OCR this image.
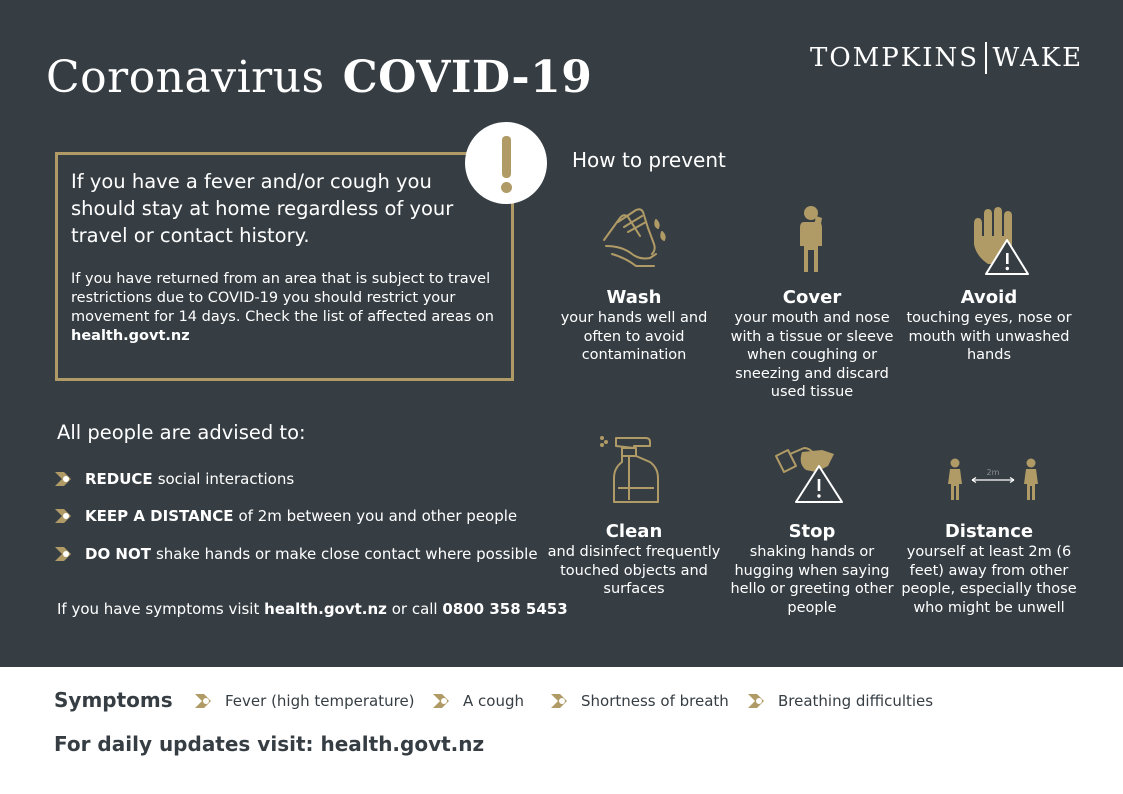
Coronavirus COVID-19	TOMPKINS WAKE
If you have a fever and/or cough you should stay at home regardless of your travel or contact history.
If you have returned from an area that is subject to travel restrictions due to COVID-19 you should restrict your movement for 14 days. Check the list of affected areas on health.govt.nz
How to prevent
Wash
your hands well and often to avoid contamination
Cover
your mouth and nose with a tissue or sleeve when coughing or sneezing and discard used tissue
Avoid
touching eyes, nose or mouth with unwashed hands
Clean
and disinfect frequently touched objects and surfaces
Stop
shaking hands or hugging when saying hello or greeting other people
2m
Distance
yourself at least 2m (6 feet) away from other people, especially those who might be unwell
All people are advised to:
REDUCE social interactions
KEEP A DISTANCE of 2m between you and other people
DO NOT shake hands or make close contact where possible
If you have symptoms visit health.govt.nz or call 0800 358 5453
Symptoms	Fever (high temperature)	A cough	Shortness of breath	Breathing difficulties
For daily updates visit: health.govt.nz
